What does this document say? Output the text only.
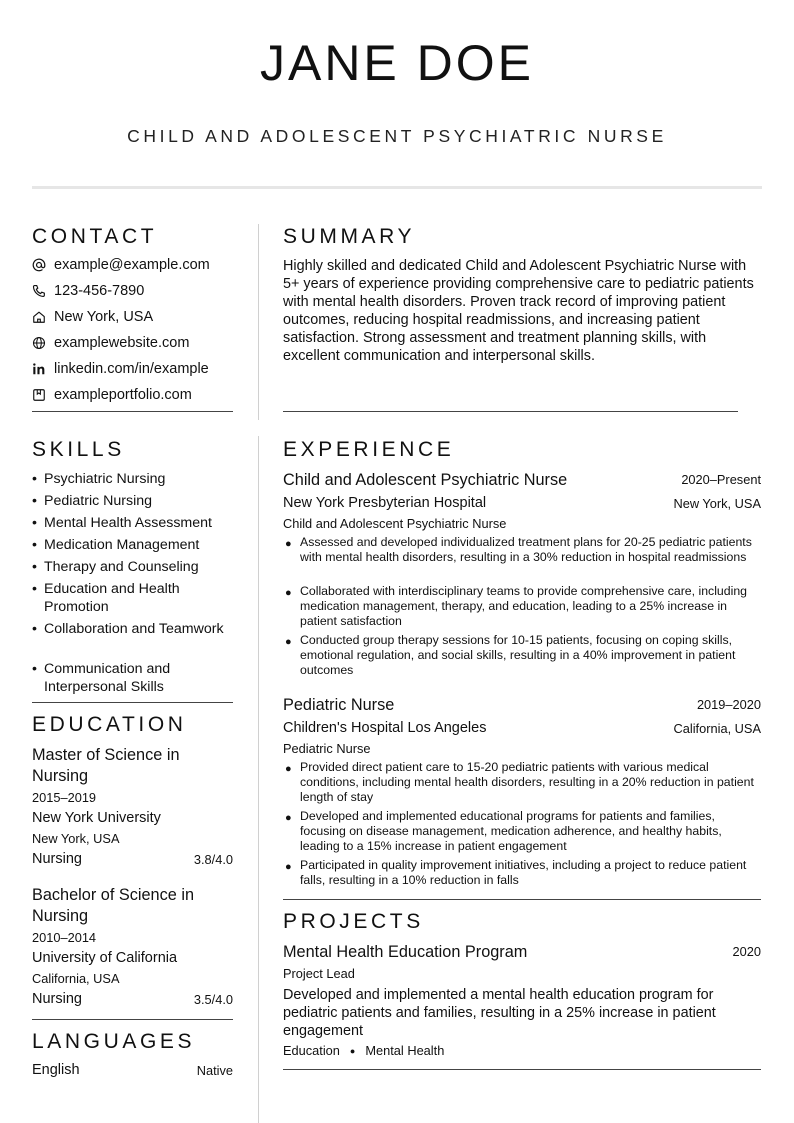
JANE DOE
CHILD AND ADOLESCENT PSYCHIATRIC NURSE
CONTACT
example@example.com
123-456-7890
New York, USA
examplewebsite.com
linkedin.com/in/example
exampleportfolio.com
SKILLS
• Psychiatric Nursing
• Pediatric Nursing
• Mental Health Assessment
• Medication Management
• Therapy and Counseling
• Education and Health Promotion
• Collaboration and Teamwork
• Communication and Interpersonal Skills
EDUCATION
Master of Science in Nursing
2015–2019
New York University
New York, USA
Nursing	3.8/4.0
Bachelor of Science in Nursing
2010–2014
University of California
California, USA
Nursing	3.5/4.0
LANGUAGES
English	Native
SUMMARY
Highly skilled and dedicated Child and Adolescent Psychiatric Nurse with 5+ years of experience providing comprehensive care to pediatric patients with mental health disorders. Proven track record of improving patient outcomes, reducing hospital readmissions, and increasing patient satisfaction. Strong assessment and treatment planning skills, with excellent communication and interpersonal skills.
EXPERIENCE
Child and Adolescent Psychiatric Nurse	2020–Present
New York Presbyterian Hospital	New York, USA
Child and Adolescent Psychiatric Nurse
● Assessed and developed individualized treatment plans for 20-25 pediatric patients with mental health disorders, resulting in a 30% reduction in hospital readmissions
● Collaborated with interdisciplinary teams to provide comprehensive care, including medication management, therapy, and education, leading to a 25% increase in patient satisfaction
● Conducted group therapy sessions for 10-15 patients, focusing on coping skills, emotional regulation, and social skills, resulting in a 40% improvement in patient outcomes
Pediatric Nurse	2019–2020
Children's Hospital Los Angeles	California, USA
Pediatric Nurse
● Provided direct patient care to 15-20 pediatric patients with various medical conditions, including mental health disorders, resulting in a 20% reduction in patient length of stay
● Developed and implemented educational programs for patients and families, focusing on disease management, medication adherence, and healthy habits, leading to a 15% increase in patient engagement
● Participated in quality improvement initiatives, including a project to reduce patient falls, resulting in a 10% reduction in falls
PROJECTS
Mental Health Education Program	2020
Project Lead
Developed and implemented a mental health education program for pediatric patients and families, resulting in a 25% increase in patient engagement
Education ● Mental Health
